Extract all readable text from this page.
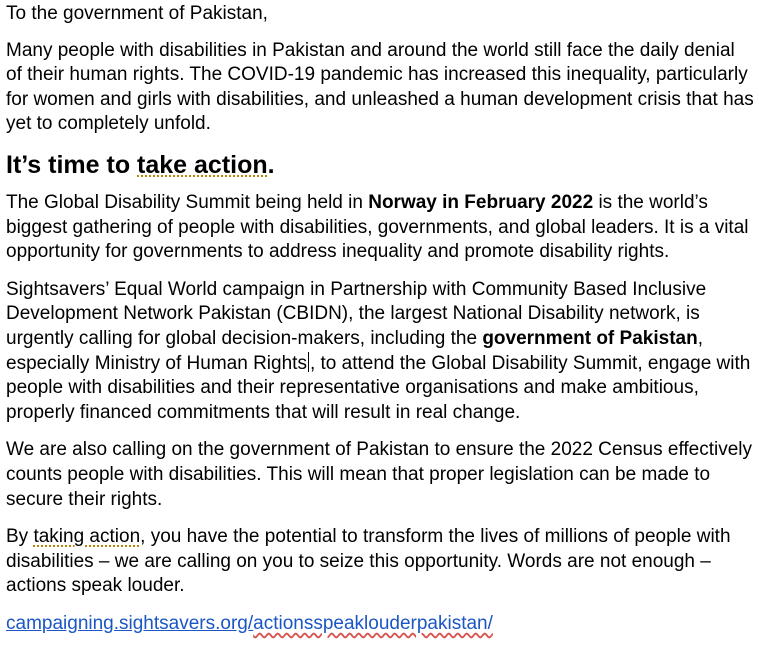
To the government of Pakistan,

Many people with disabilities in Pakistan and around the world still face the daily denial of their human rights. The COVID-19 pandemic has increased this inequality, particularly for women and girls with disabilities, and unleashed a human development crisis that has yet to completely unfold.

It’s time to take action.

The Global Disability Summit being held in Norway in February 2022 is the world’s biggest gathering of people with disabilities, governments, and global leaders. It is a vital opportunity for governments to address inequality and promote disability rights.

Sightsavers’ Equal World campaign in Partnership with Community Based Inclusive Development Network Pakistan (CBIDN), the largest National Disability network, is urgently calling for global decision-makers, including the government of Pakistan, especially Ministry of Human Rights , to attend the Global Disability Summit, engage with people with disabilities and their representative organisations and make ambitious, properly financed commitments that will result in real change.

We are also calling on the government of Pakistan to ensure the 2022 Census effectively counts people with disabilities. This will mean that proper legislation can be made to secure their rights.

By taking action, you have the potential to transform the lives of millions of people with disabilities – we are calling on you to seize this opportunity. Words are not enough – actions speak louder.

campaigning.sightsavers.org/actionsspeaklouderpakistan/
